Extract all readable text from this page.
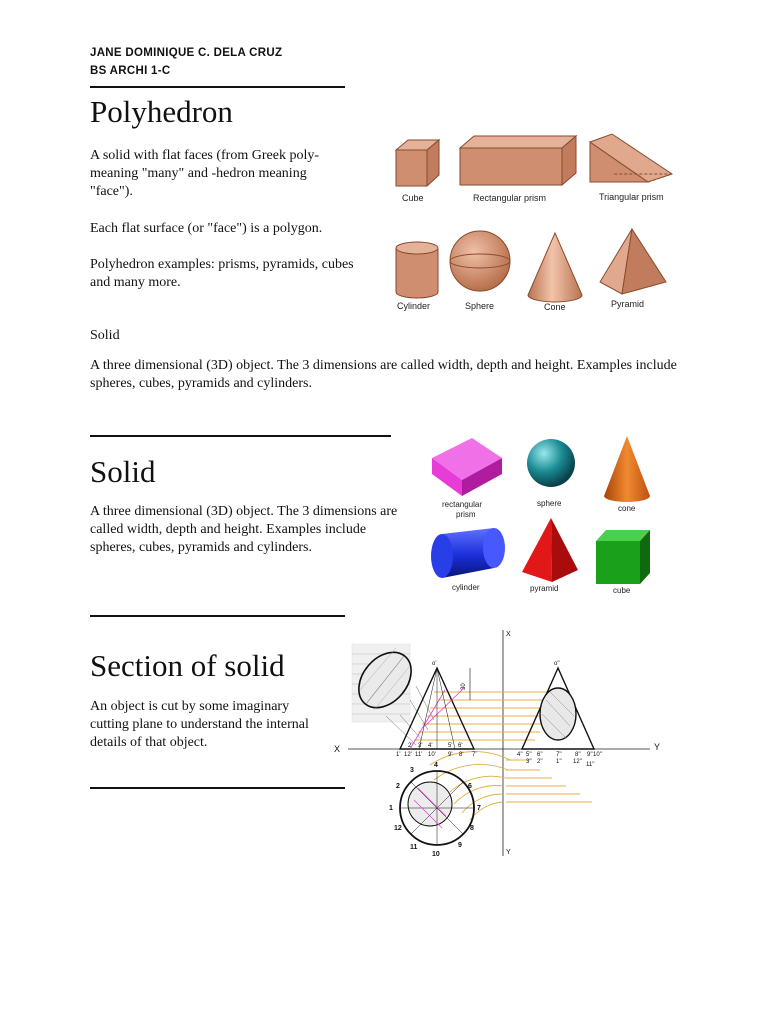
JANE DOMINIQUE C. DELA CRUZ
BS ARCHI 1-C
Polyhedron
A solid with flat faces (from Greek poly-meaning "many" and -hedron meaning "face").
Each flat surface (or "face") is a polygon.
Polyhedron examples: prisms, pyramids, cubes and many more.
Cube	Rectangular prism	Triangular prism
Cylinder	Sphere	Cone	Pyramid
Solid
A three dimensional (3D) object. The 3 dimensions are called width, depth and height. Examples include spheres, cubes, pyramids and cylinders.
Solid
A three dimensional (3D) object. The 3 dimensions are called width, depth and height. Examples include spheres, cubes, pyramids and cylinders.
rectangular
prism
sphere
cone
cylinder	pyramid	cube
Section of solid
An object is cut by some imaginary cutting plane to understand the internal details of that object.	X	Y
X
Y
o'
30
o''
1
2
3
4
6
7
8
9
10
11
12
1' 12' 11' 10' 9' 8' 7'
2' 3' 4'	5' 6'
4'' 5'' 6'' 7'' 8'' 9'' 10''
3'' 2'' 1'' 12'' 11''
